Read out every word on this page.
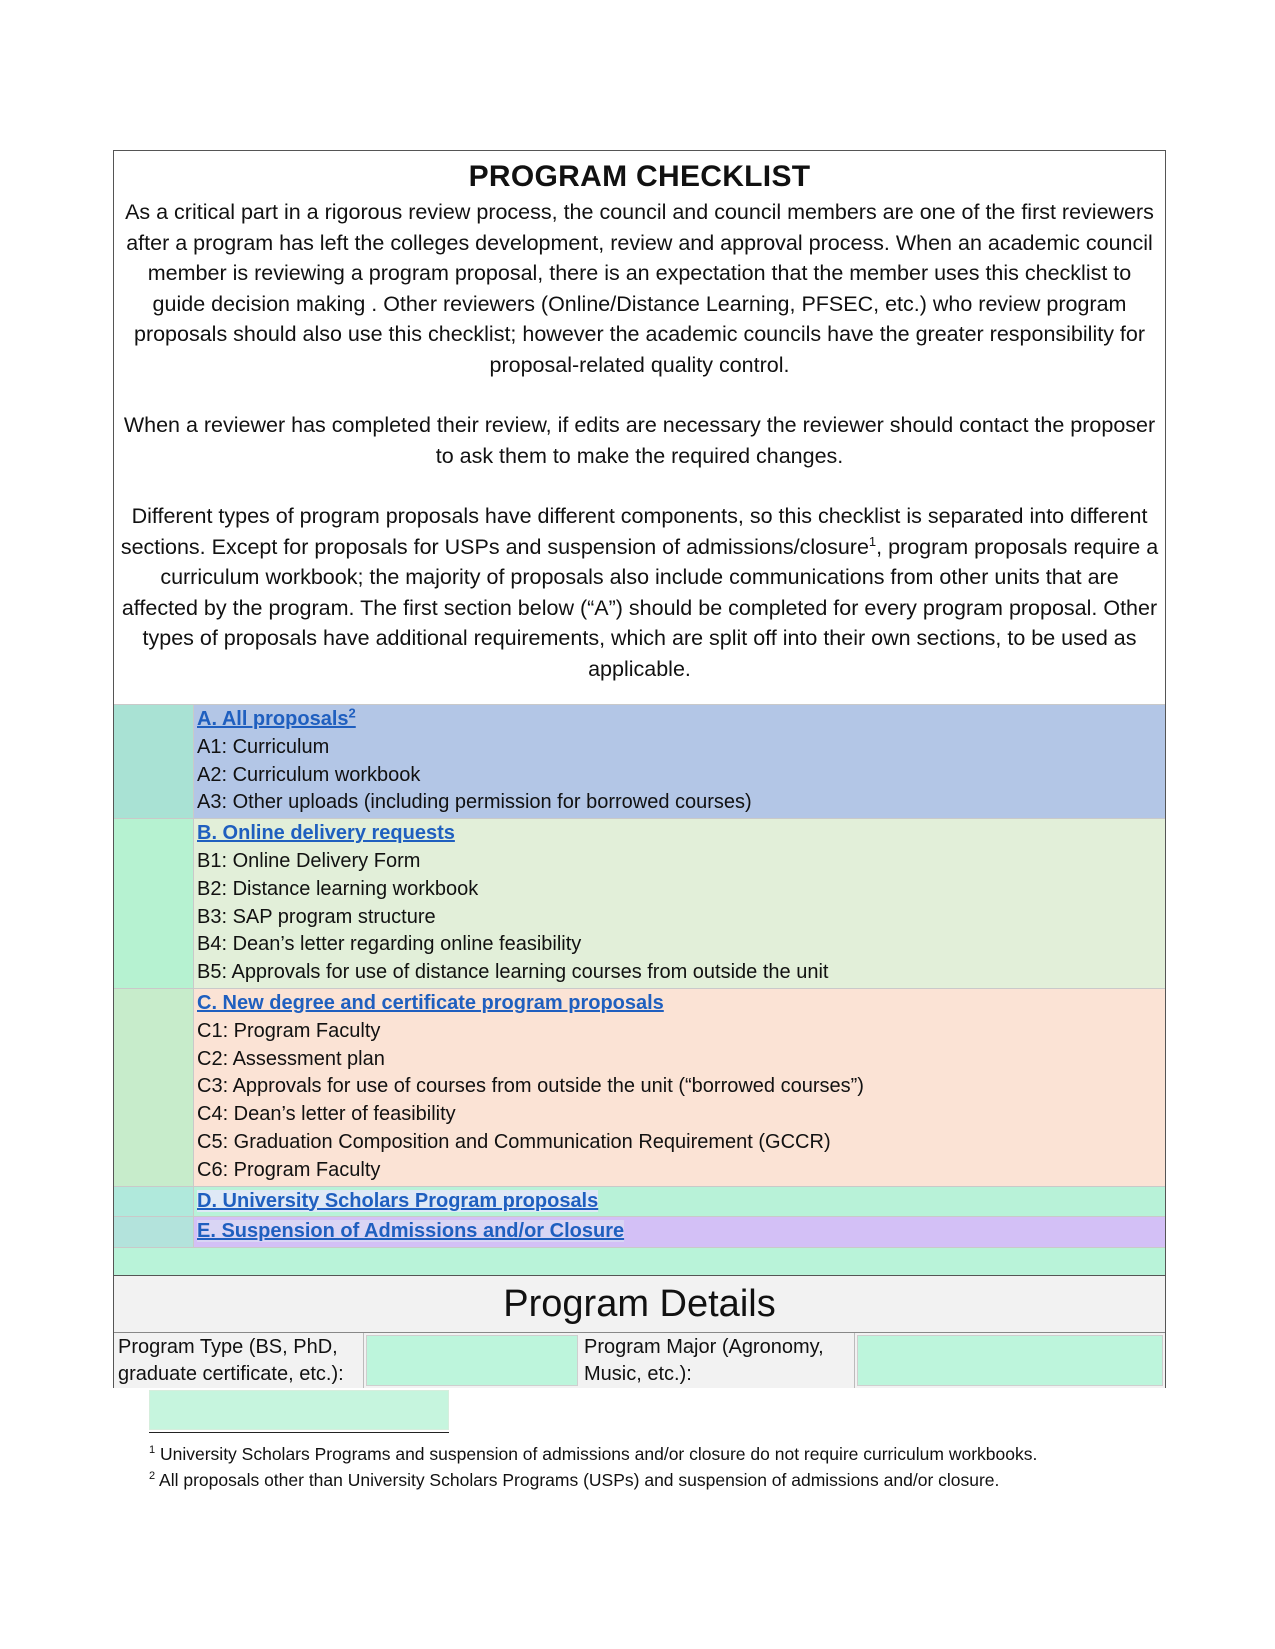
PROGRAM CHECKLIST

As a critical part in a rigorous review process, the council and council members are one of the first reviewers after a program has left the colleges development, review and approval process. When an academic council member is reviewing a program proposal, there is an expectation that the member uses this checklist to guide decision making . Other reviewers (Online/Distance Learning, PFSEC, etc.) who review program proposals should also use this checklist; however the academic councils have the greater responsibility for proposal-related quality control.

When a reviewer has completed their review, if edits are necessary the reviewer should contact the proposer to ask them to make the required changes.

Different types of program proposals have different components, so this checklist is separated into different sections. Except for proposals for USPs and suspension of admissions/closure$^1$, program proposals require a curriculum workbook; the majority of proposals also include communications from other units that are affected by the program. The first section below (“A”) should be completed for every program proposal. Other types of proposals have additional requirements, which are split off into their own sections, to be used as applicable.

A. All proposals$^2$
A1: Curriculum
A2: Curriculum workbook
A3: Other uploads (including permission for borrowed courses)
B. Online delivery requests
B1: Online Delivery Form
B2: Distance learning workbook
B3: SAP program structure
B4: Dean’s letter regarding online feasibility
B5: Approvals for use of distance learning courses from outside the unit
C. New degree and certificate program proposals
C1: Program Faculty
C2: Assessment plan
C3: Approvals for use of courses from outside the unit (“borrowed courses”)
C4: Dean’s letter of feasibility
C5: Graduation Composition and Communication Requirement (GCCR)
C6: Program Faculty
D. University Scholars Program proposals
E. Suspension of Admissions and/or Closure
Program Details
Program Type (BS, PhD, graduate certificate, etc.):
Program Major (Agronomy, Music, etc.):
$^1$ University Scholars Programs and suspension of admissions and/or closure do not require curriculum workbooks.
$^2$ All proposals other than University Scholars Programs (USPs) and suspension of admissions and/or closure.
